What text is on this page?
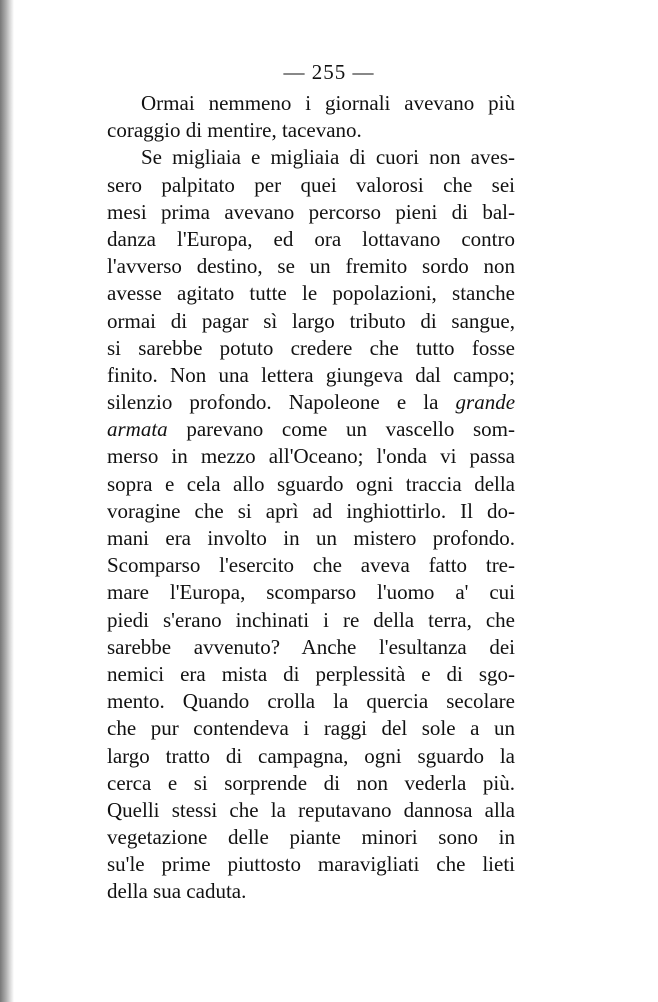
— 255 —
Ormai nemmeno i giornali avevano più
coraggio di mentire, tacevano.
Se migliaia e migliaia di cuori non aves-
sero palpitato per quei valorosi che sei
mesi prima avevano percorso pieni di bal-
danza l'Europa, ed ora lottavano contro
l'avverso destino, se un fremito sordo non
avesse agitato tutte le popolazioni, stanche
ormai di pagar sì largo tributo di sangue,
si sarebbe potuto credere che tutto fosse
finito. Non una lettera giungeva dal campo;
silenzio profondo. Napoleone e la grande
armata parevano come un vascello som-
merso in mezzo all'Oceano; l'onda vi passa
sopra e cela allo sguardo ogni traccia della
voragine che si aprì ad inghiottirlo. Il do-
mani era involto in un mistero profondo.
Scomparso l'esercito che aveva fatto tre-
mare l'Europa, scomparso l'uomo a' cui
piedi s'erano inchinati i re della terra, che
sarebbe avvenuto? Anche l'esultanza dei
nemici era mista di perplessità e di sgo-
mento. Quando crolla la quercia secolare
che pur contendeva i raggi del sole a un
largo tratto di campagna, ogni sguardo la
cerca e si sorprende di non vederla più.
Quelli stessi che la reputavano dannosa alla
vegetazione delle piante minori sono in
su'le prime piuttosto maravigliati che lieti
della sua caduta.
